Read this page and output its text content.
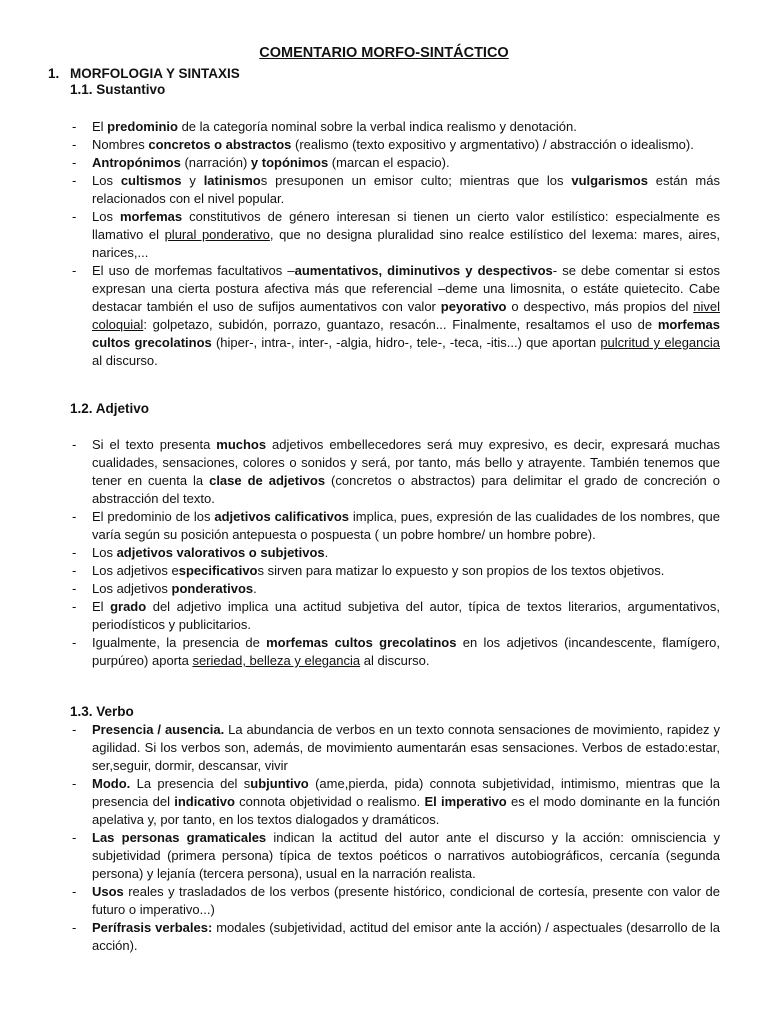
COMENTARIO MORFO-SINTÁCTICO
1. MORFOLOGIA Y SINTAXIS
1.1. Sustantivo
- El predominio de la categoría nominal sobre la verbal indica realismo y denotación.
- Nombres concretos o abstractos (realismo (texto expositivo y argmentativo) / abstracción o idealismo).
- Antropónimos (narración) y topónimos (marcan el espacio).
- Los cultismos y latinismos presuponen un emisor culto; mientras que los vulgarismos están más relacionados con el nivel popular.
- Los morfemas constitutivos de género interesan si tienen un cierto valor estilístico: especialmente es llamativo el plural ponderativo, que no designa pluralidad sino realce estilístico del lexema: mares, aires, narices,...
- El uso de morfemas facultativos –aumentativos, diminutivos y despectivos- se debe comentar si estos expresan una cierta postura afectiva más que referencial –deme una limosnita, o estáte quietecito. Cabe destacar también el uso de sufijos aumentativos con valor peyorativo o despectivo, más propios del nivel coloquial: golpetazo, subidón, porrazo, guantazo, resacón... Finalmente, resaltamos el uso de morfemas cultos grecolatinos (hiper-, intra-, inter-, -algia, hidro-, tele-, -teca, -itis...) que aportan pulcritud y elegancia al discurso.
1.2. Adjetivo
- Si el texto presenta muchos adjetivos embellecedores será muy expresivo, es decir, expresará muchas cualidades, sensaciones, colores o sonidos y será, por tanto, más bello y atrayente. También tenemos que tener en cuenta la clase de adjetivos (concretos o abstractos) para delimitar el grado de concreción o abstracción del texto.
- El predominio de los adjetivos calificativos implica, pues, expresión de las cualidades de los nombres, que varía según su posición antepuesta o pospuesta ( un pobre hombre/ un hombre pobre).
- Los adjetivos valorativos o subjetivos.
- Los adjetivos especificativos sirven para matizar lo expuesto y son propios de los textos objetivos.
- Los adjetivos ponderativos.
- El grado del adjetivo implica una actitud subjetiva del autor, típica de textos literarios, argumentativos, periodísticos y publicitarios.
- Igualmente, la presencia de morfemas cultos grecolatinos en los adjetivos (incandescente, flamígero, purpúreo) aporta seriedad, belleza y elegancia al discurso.
1.3. Verbo
- Presencia / ausencia. La abundancia de verbos en un texto connota sensaciones de movimiento, rapidez y agilidad. Si los verbos son, además, de movimiento aumentarán esas sensaciones. Verbos de estado:estar, ser,seguir, dormir, descansar, vivir
- Modo. La presencia del subjuntivo (ame,pierda, pida) connota subjetividad, intimismo, mientras que la presencia del indicativo connota objetividad o realismo. El imperativo es el modo dominante en la función apelativa y, por tanto, en los textos dialogados y dramáticos.
- Las personas gramaticales indican la actitud del autor ante el discurso y la acción: omnisciencia y subjetividad (primera persona) típica de textos poéticos o narrativos autobiográficos, cercanía (segunda persona) y lejanía (tercera persona), usual en la narración realista.
- Usos reales y trasladados de los verbos (presente histórico, condicional de cortesía, presente con valor de futuro o imperativo...)
- Perífrasis verbales: modales (subjetividad, actitud del emisor ante la acción) / aspectuales (desarrollo de la acción).
